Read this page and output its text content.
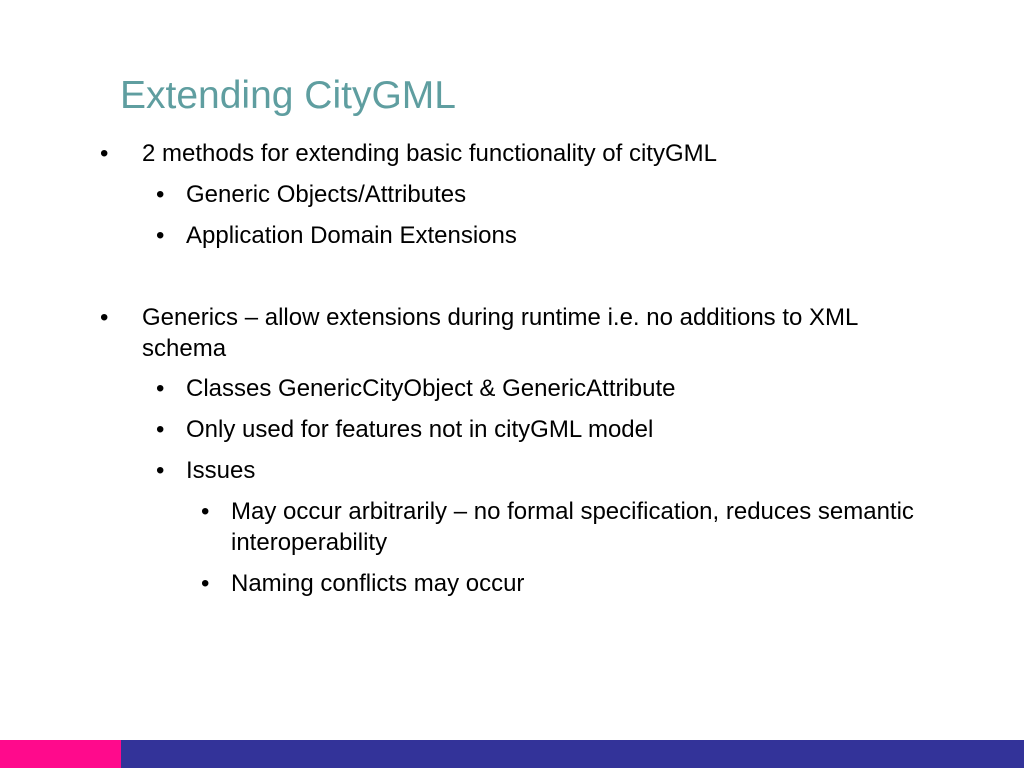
Extending CityGML
•	2 methods for extending basic functionality of cityGML
• Generic Objects/Attributes
• Application Domain Extensions
•	Generics – allow extensions during runtime i.e. no additions to XML schema
• Classes GenericCityObject & GenericAttribute
• Only used for features not in cityGML model
• Issues
• May occur arbitrarily – no formal specification, reduces semantic interoperability
• Naming conflicts may occur
